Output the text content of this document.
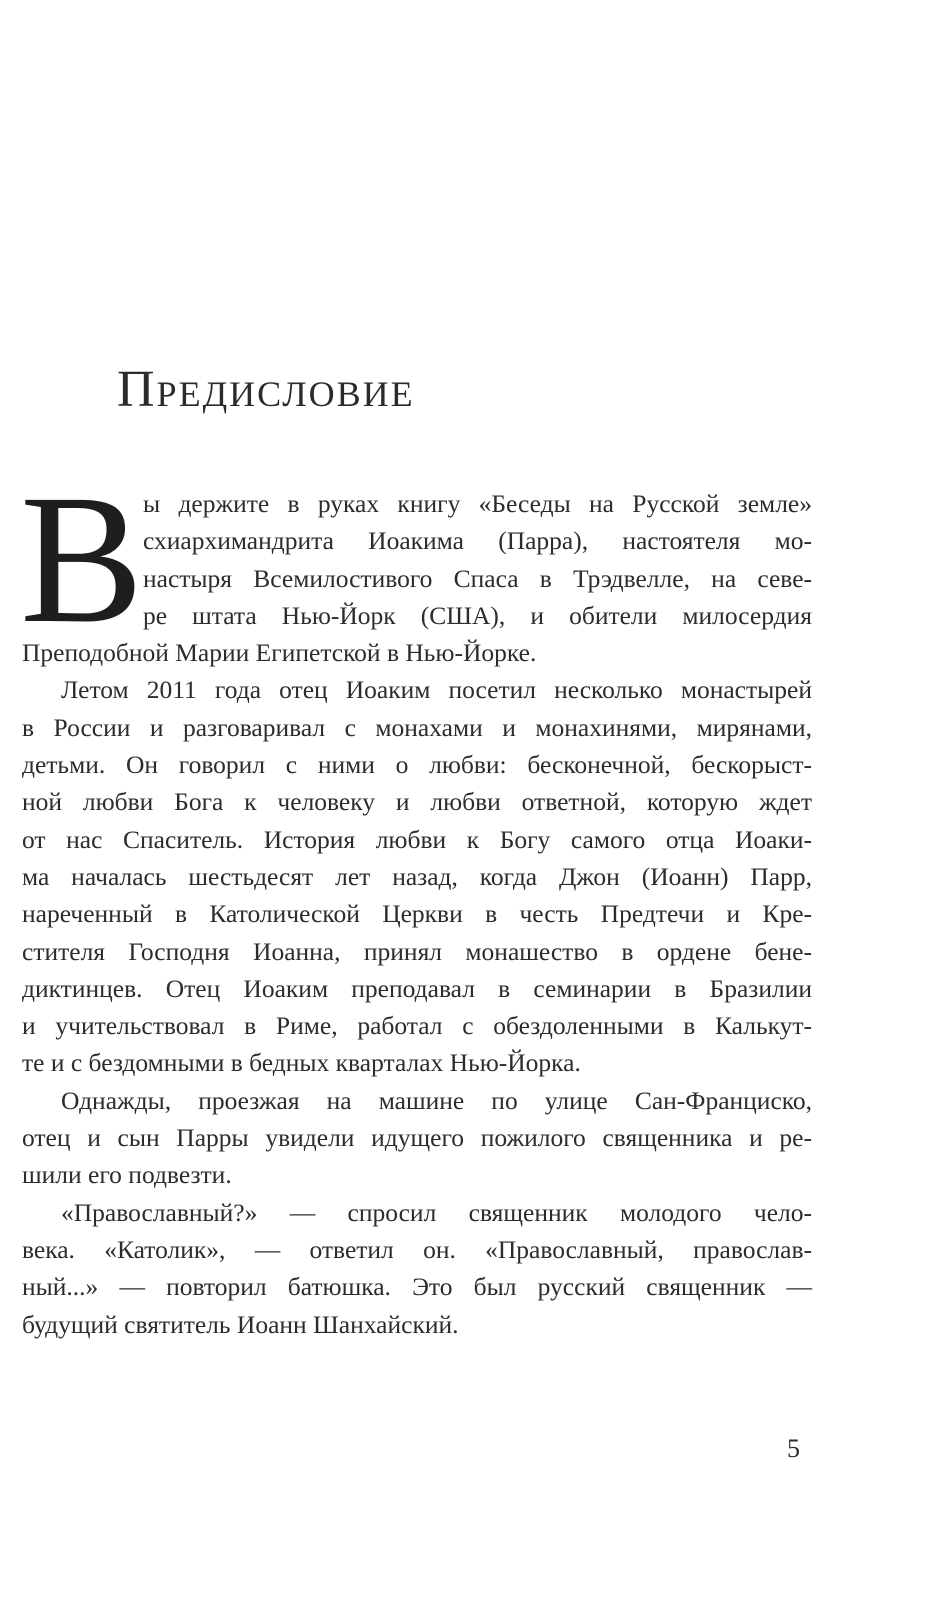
Предисловие
В ы держите в руках книгу «Беседы на Русской земле»
схиархимандрита Иоакима (Парра), настоятеля мо-
настыря Всемилостивого Спаса в Трэдвелле, на севе-
ре штата Нью-Йорк (США), и обители милосердия
Преподобной Марии Египетской в Нью-Йорке.
Летом 2011 года отец Иоаким посетил несколько монастырей
в России и разговаривал с монахами и монахинями, мирянами,
детьми. Он говорил с ними о любви: бесконечной, бескорыст-
ной любви Бога к человеку и любви ответной, которую ждет
от нас Спаситель. История любви к Богу самого отца Иоаки-
ма началась шестьдесят лет назад, когда Джон (Иоанн) Парр,
нареченный в Католической Церкви в честь Предтечи и Кре-
стителя Господня Иоанна, принял монашество в ордене бене-
диктинцев. Отец Иоаким преподавал в семинарии в Бразилии
и учительствовал в Риме, работал с обездоленными в Калькут-
те и с бездомными в бедных кварталах Нью-Йорка.
Однажды, проезжая на машине по улице Сан-Франциско,
отец и сын Парры увидели идущего пожилого священника и ре-
шили его подвезти.
«Православный?» — спросил священник молодого чело-
века. «Католик», — ответил он. «Православный, православ-
ный...» — повторил батюшка. Это был русский священник —
будущий святитель Иоанн Шанхайский.
5
